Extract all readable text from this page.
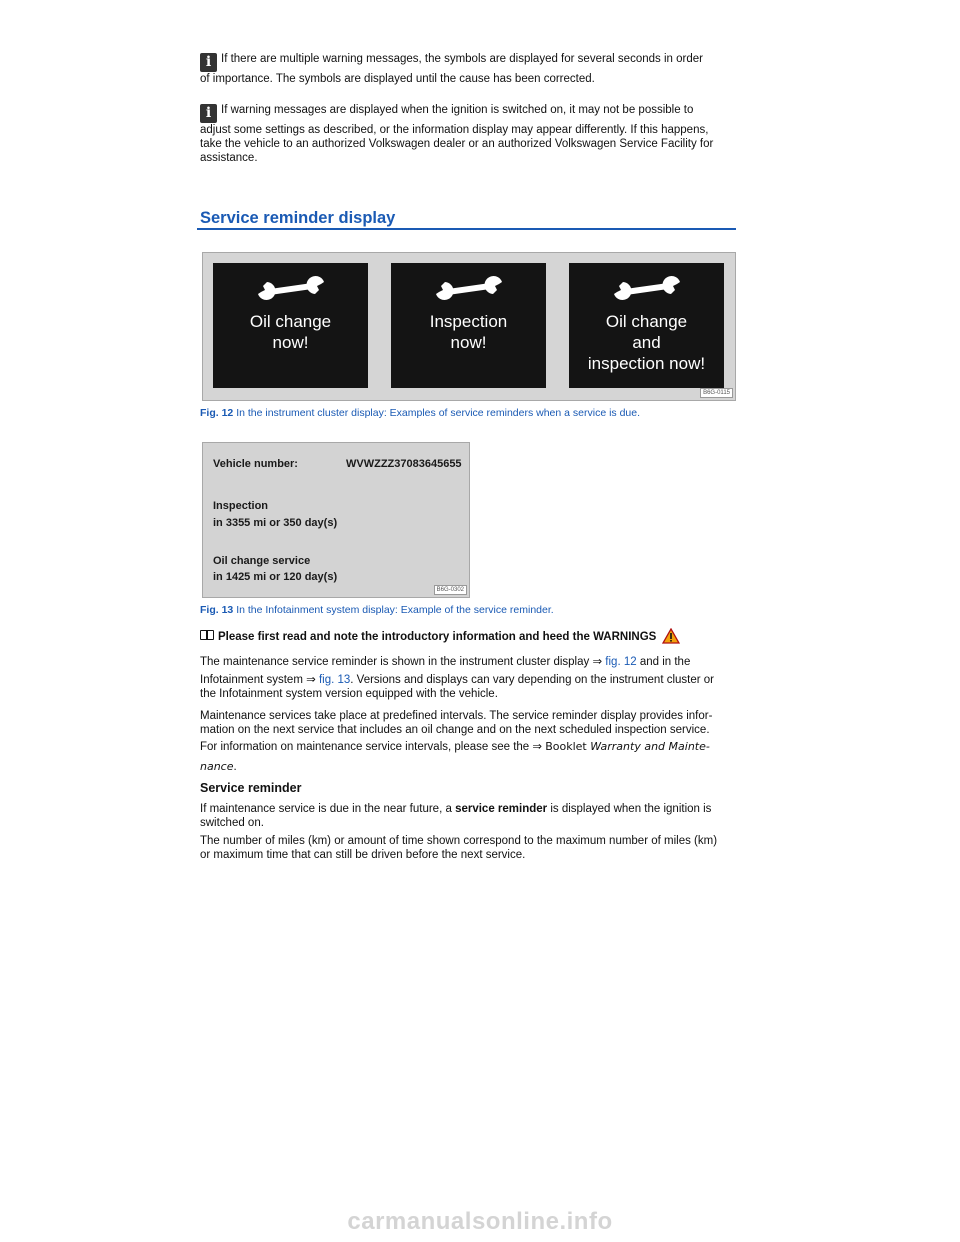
i If there are multiple warning messages, the symbols are displayed for several seconds in order
of importance. The symbols are displayed until the cause has been corrected.
i If warning messages are displayed when the ignition is switched on, it may not be possible to
adjust some settings as described, or the information display may appear differently. If this happens,
take the vehicle to an authorized Volkswagen dealer or an authorized Volkswagen Service Facility for
assistance.
Service reminder display
Oil change
now!
Inspection
now!
Oil change
and
inspection now!
B6G-0115
Fig. 12 In the instrument cluster display: Examples of service reminders when a service is due.
Vehicle number:	WVWZZZ37083645655
Inspection
in 3355 mi or 350 day(s)
Oil change service
in 1425 mi or 120 day(s)
B6G-0302
Fig. 13 In the Infotainment system display: Example of the service reminder.
Please first read and note the introductory information and heed the WARNINGS
The maintenance service reminder is shown in the instrument cluster display ⇒ fig. 12 and in the
Infotainment system ⇒ fig. 13. Versions and displays can vary depending on the instrument cluster or
the Infotainment system version equipped with the vehicle.
Maintenance services take place at predefined intervals. The service reminder display provides infor-
mation on the next service that includes an oil change and on the next scheduled inspection service.
For information on maintenance service intervals, please see the ⇒ Booklet Warranty and Mainte-
nance.
Service reminder
If maintenance service is due in the near future, a service reminder is displayed when the ignition is
switched on.
The number of miles (km) or amount of time shown correspond to the maximum number of miles (km)
or maximum time that can still be driven before the next service.
carmanualsonline.info
